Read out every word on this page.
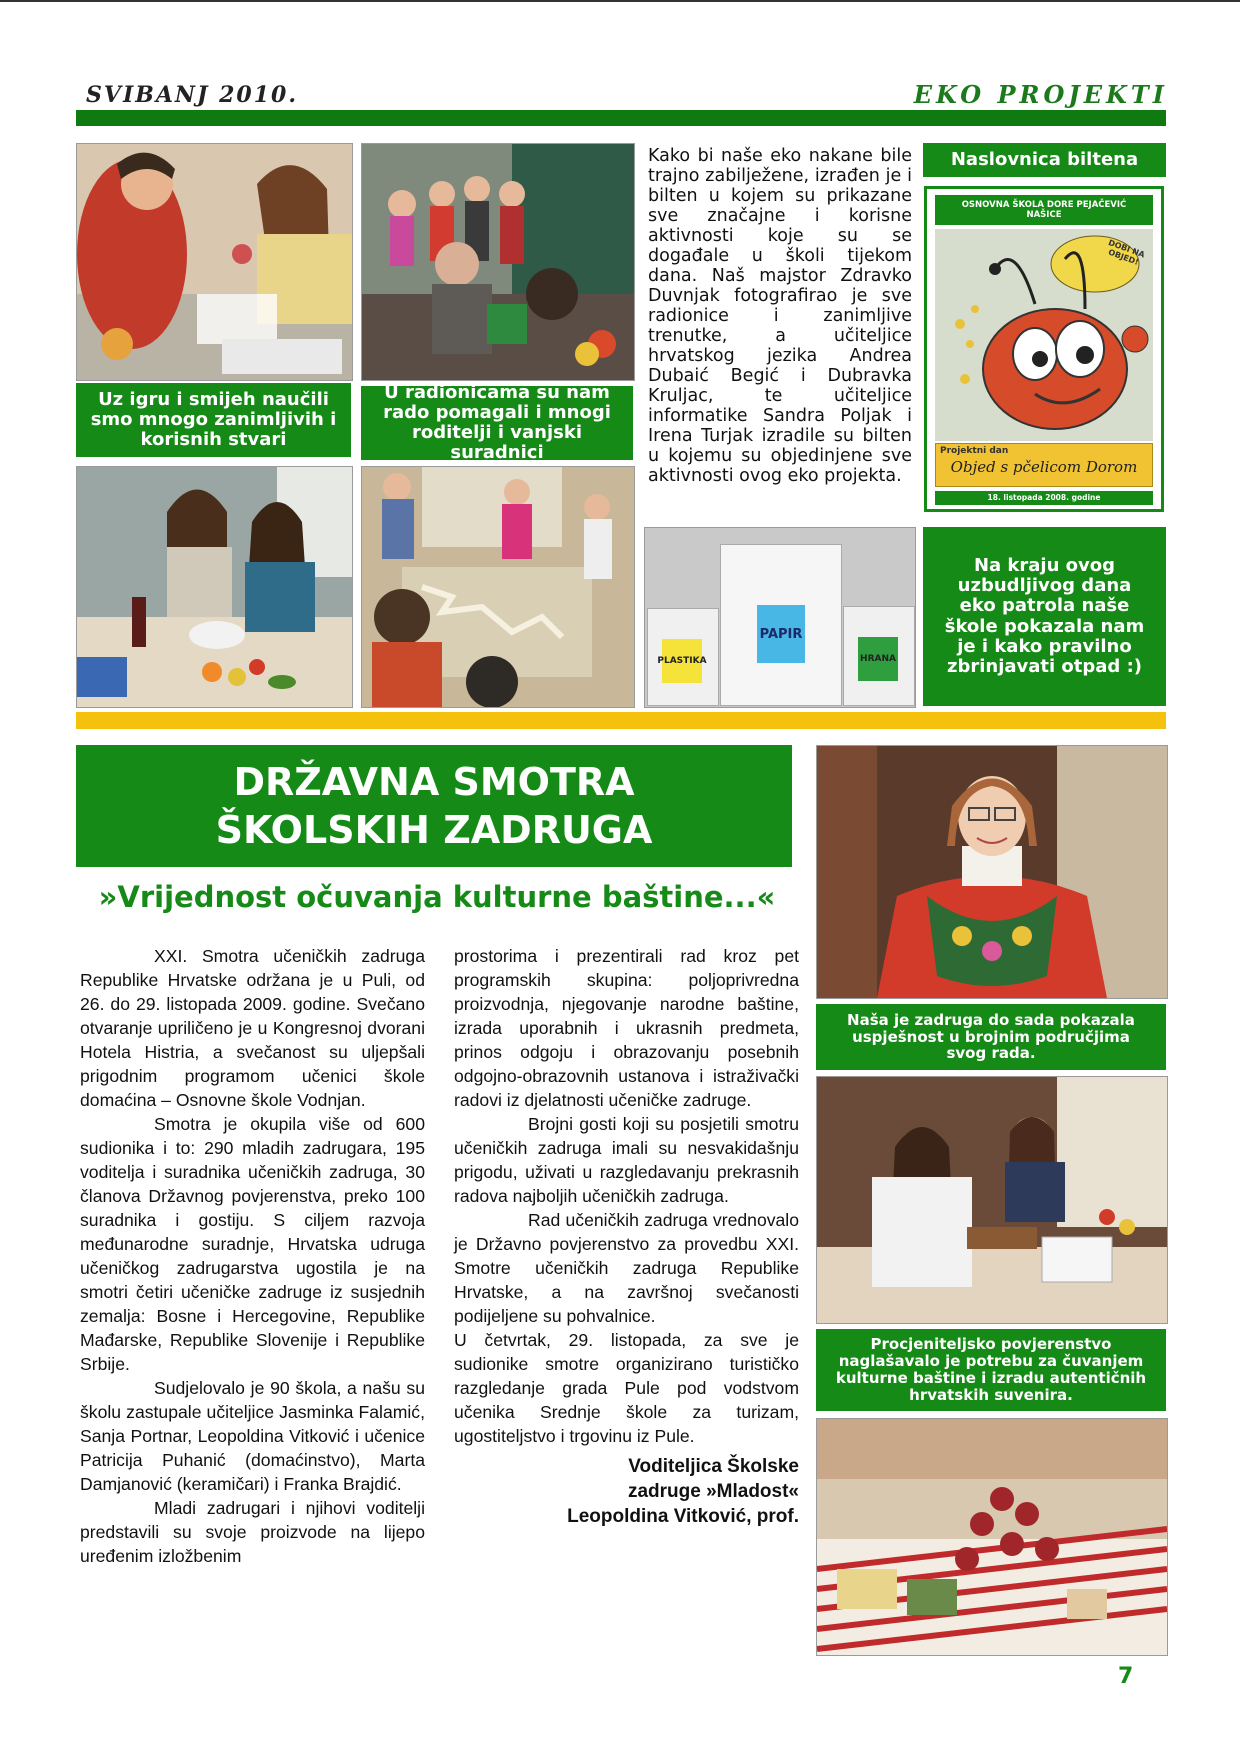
SVIBANJ 2010.	EKO PROJEKTI
Uz igru i smijeh naučili smo mnogo zanimljivih i korisnih stvari
U radionicama su nam rado pomagali i mnogi roditelji i vanjski suradnici
Kako bi naše eko nakane bile trajno zabilježene, izrađen je i bilten u kojem su prikazane sve značajne i korisne aktivnosti koje su se događale u školi tijekom dana. Naš majstor Zdravko Duvnjak fotografirao je sve radionice i zanimljive trenutke, a učiteljice hrvatskog jezika Andrea Dubaić Begić i Dubravka Kruljac, te učiteljice informatike Sandra Poljak i Irena Turjak izradile su bilten u kojemu su objedinjene sve aktivnosti ovog eko projekta.
Naslovnica biltena
OSNOVNA ŠKOLA DORE PEJAČEVIĆ NAŠICE
DOBI NA OBJED!
Projektni dan
Objed s pčelicom Dorom
18. listopada 2008. godine
PAPIR
PLASTIKA	HRANA
Na kraju ovog uzbudljivog dana eko patrola naše škole pokazala nam je i kako pravilno zbrinjavati otpad :)
DRŽAVNA SMOTRA
ŠKOLSKIH ZADRUGA
»Vrijednost očuvanja kulturne baštine...«

XXI. Smotra učeničkih zadruga Republike Hrvatske održana je u Puli, od 26. do 29. listopada 2009. godine. Svečano otvaranje upriličeno je u Kongresnoj dvorani Hotela Histria, a svečanost su uljepšali prigodnim programom učenici škole domaćina – Osnovne škole Vodnjan.

Smotra je okupila više od 600 sudionika i to: 290 mladih zadrugara, 195 voditelja i suradnika učeničkih zadruga, 30 članova Državnog povjerenstva, preko 100 suradnika i gostiju. S ciljem razvoja međunarodne suradnje, Hrvatska udruga učeničkog zadrugarstva ugostila je na smotri četiri učeničke zadruge iz susjednih zemalja: Bosne i Hercegovine, Republike Mađarske, Republike Slovenije i Republike Srbije.

Sudjelovalo je 90 škola, a našu su školu zastupale učiteljice Jasminka Falamić, Sanja Portnar, Leopoldina Vitković i učenice Patricija Puhanić (domaćinstvo), Marta Damjanović (keramičari) i Franka Brajdić.

Mladi zadrugari i njihovi voditelji predstavili su svoje proizvode na lijepo uređenim izložbenim

prostorima i prezentirali rad kroz pet programskih skupina: poljoprivredna proizvodnja, njegovanje narodne baštine, izrada uporabnih i ukrasnih predmeta, prinos odgoju i obrazovanju posebnih odgojno-obrazovnih ustanova i istraživački radovi iz djelatnosti učeničke zadruge.

Brojni gosti koji su posjetili smotru učeničkih zadruga imali su nesvakidašnju prigodu, uživati u razgledavanju prekrasnih radova najboljih učeničkih zadruga.

Rad učeničkih zadruga vrednovalo je Državno povjerenstvo za provedbu XXI. Smotre učeničkih zadruga Republike Hrvatske, a na završnoj svečanosti podijeljene su pohvalnice.

U četvrtak, 29. listopada, za sve je sudionike smotre organizirano turističko razgledanje grada Pule pod vodstvom učenika Srednje škole za turizam, ugostiteljstvo i trgovinu iz Pule.

Voditeljica Školske
zadruge »Mladost«
Leopoldina Vitković, prof.

Naša je zadruga do sada pokazala uspješnost u brojnim područjima svog rada.
Procjeniteljsko povjerenstvo naglašavalo je potrebu za čuvanjem kulturne baštine i izradu autentičnih hrvatskih suvenira.
7
